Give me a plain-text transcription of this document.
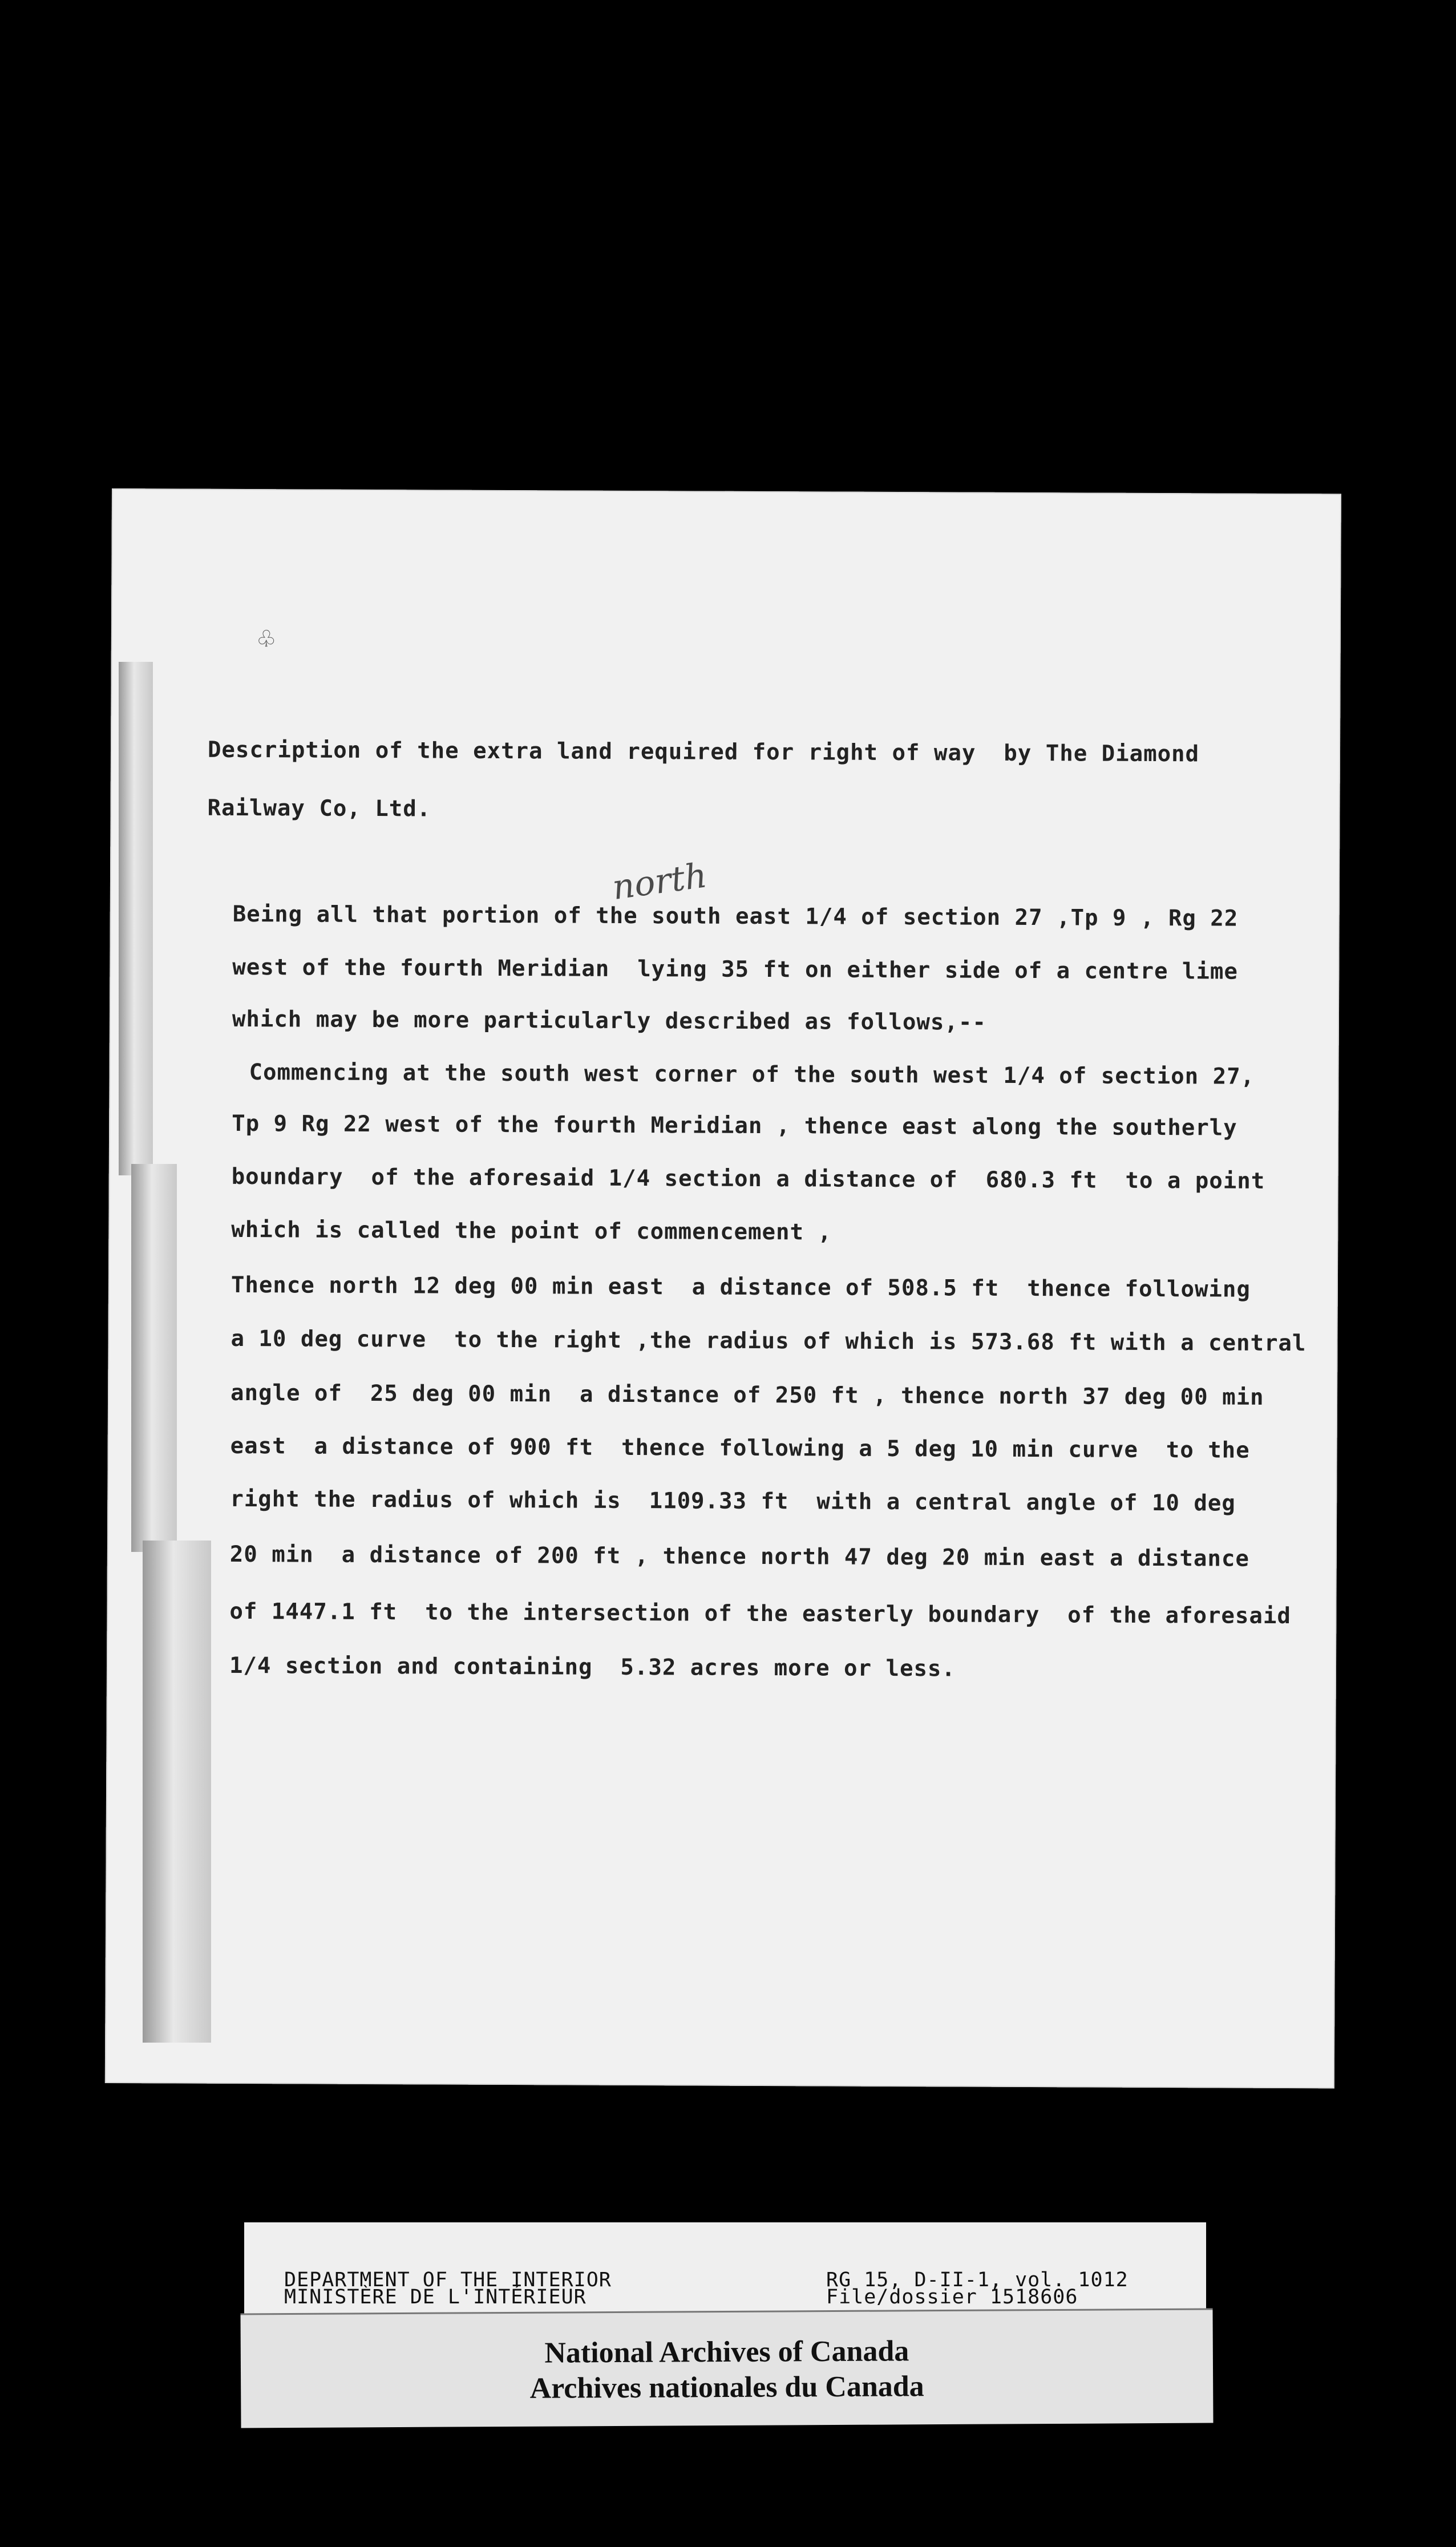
♧
Description of the extra land required for right of way  by The Diamond
Railway Co, Ltd.
Being all that portion of the south east 1/4 of section 27 ,Tp 9 , Rg 22
north
west of the fourth Meridian  lying 35 ft on either side of a centre lime
which may be more particularly described as follows,--
Commencing at the south west corner of the south west 1/4 of section 27,
Tp 9 Rg 22 west of the fourth Meridian , thence east along the southerly
boundary  of the aforesaid 1/4 section a distance of  680.3 ft  to a point
which is called the point of commencement ,
Thence north 12 deg 00 min east  a distance of 508.5 ft  thence following
a 10 deg curve  to the right ,the radius of which is 573.68 ft with a central
angle of  25 deg 00 min  a distance of 250 ft , thence north 37 deg 00 min
east  a distance of 900 ft  thence following a 5 deg 10 min curve  to the
right the radius of which is  1109.33 ft  with a central angle of 10 deg
20 min  a distance of 200 ft , thence north 47 deg 20 min east a distance
of 1447.1 ft  to the intersection of the easterly boundary  of the aforesaid
1/4 section and containing  5.32 acres more or less.
DEPARTMENT OF THE INTERIOR
MINISTÈRE DE L'INTÉRIEUR
RG 15, D-II-1, vol. 1012
File/dossier 1518606
National Archives of Canada
Archives nationales du Canada
